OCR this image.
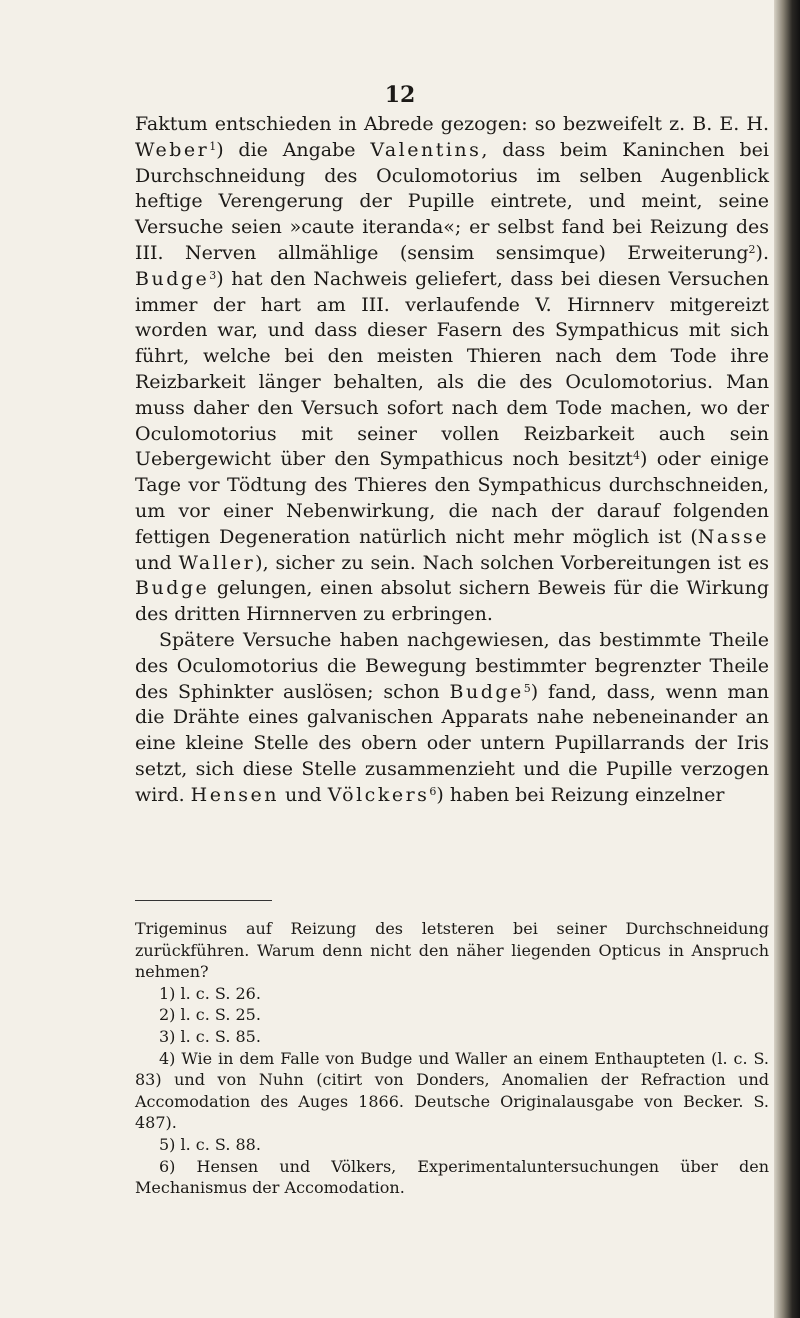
12

Faktum entschieden in Abrede gezogen: so bezweifelt z. B. E. H. Weber$^1$) die Angabe Valentins, dass beim Kaninchen bei Durchschneidung des Oculomotorius im selben Augenblick heftige Verengerung der Pupille eintrete, und meint, seine Versuche seien »caute iteranda«; er selbst fand bei Reizung des III. Nerven allmählige (sensim sensimque) Erweiterung$^2$). Budge$^3$) hat den Nachweis geliefert, dass bei diesen Versuchen immer der hart am III. verlaufende V. Hirnnerv mitgereizt worden war, und dass dieser Fasern des Sympathicus mit sich führt, welche bei den meisten Thieren nach dem Tode ihre Reizbarkeit länger behalten, als die des Oculomotorius. Man muss daher den Versuch sofort nach dem Tode machen, wo der Oculomotorius mit seiner vollen Reizbarkeit auch sein Uebergewicht über den Sympathicus noch besitzt$^4$) oder einige Tage vor Tödtung des Thieres den Sympathicus durchschneiden, um vor einer Nebenwirkung, die nach der darauf folgenden fettigen Degeneration natürlich nicht mehr möglich ist (Nasse und Waller), sicher zu sein. Nach solchen Vorbereitungen ist es Budge gelungen, einen absolut sichern Beweis für die Wirkung des dritten Hirnnerven zu erbringen.

Spätere Versuche haben nachgewiesen, das bestimmte Theile des Oculomotorius die Bewegung bestimmter begrenzter Theile des Sphinkter auslösen; schon Budge$^5$) fand, dass, wenn man die Drähte eines galvanischen Apparats nahe nebeneinander an eine kleine Stelle des obern oder untern Pupillarrands der Iris setzt, sich diese Stelle zusammenzieht und die Pupille verzogen wird. Hensen und Völckers$^6$) haben bei Reizung einzelner

Trigeminus auf Reizung des letsteren bei seiner Durchschneidung zurückführen. Warum denn nicht den näher liegenden Opticus in Anspruch nehmen?

1) l. c. S. 26.

2) l. c. S. 25.

3) l. c. S. 85.

4) Wie in dem Falle von Budge und Waller an einem Enthaupteten (l. c. S. 83) und von Nuhn (citirt von Donders, Anomalien der Refraction und Accomodation des Auges 1866. Deutsche Originalausgabe von Becker. S. 487).

5) l. c. S. 88.

6) Hensen und Völkers, Experimentaluntersuchungen über den Mechanismus der Accomodation.
